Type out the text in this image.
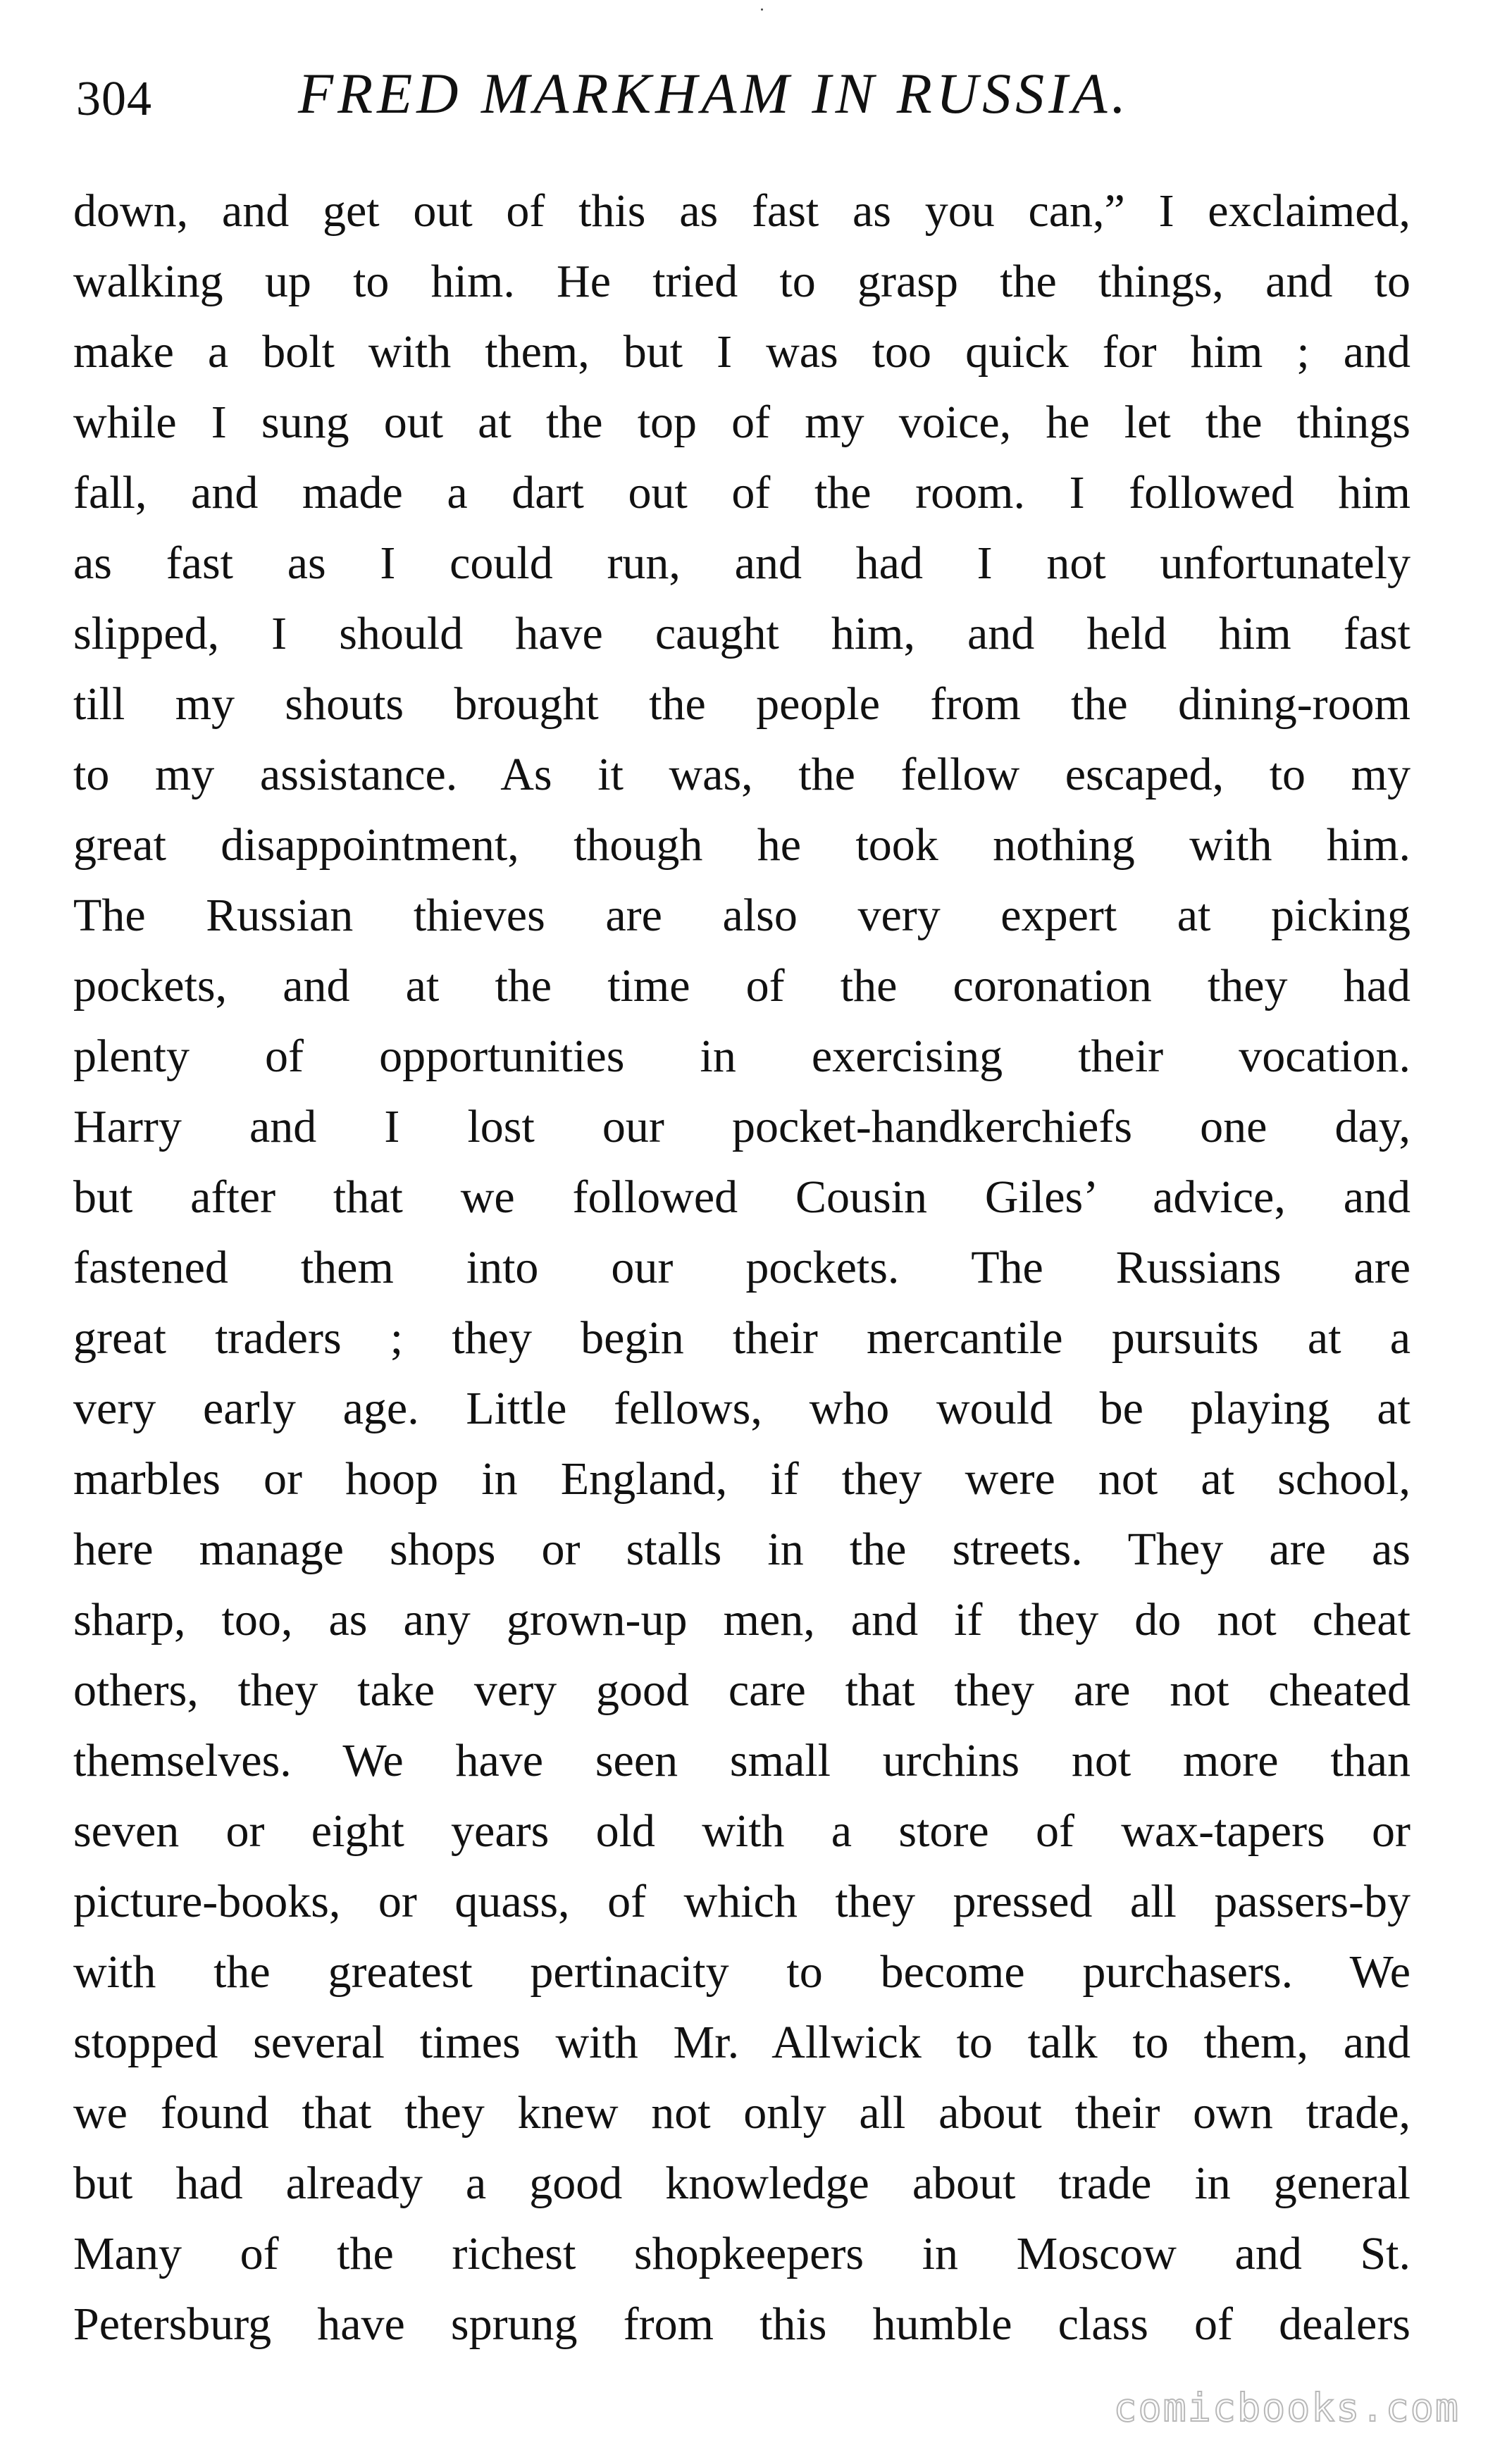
304	FRED MARKHAM IN RUSSIA.
down, and get out of this as fast as you can,” I exclaimed,
walking up to him. He tried to grasp the things, and to
make a bolt with them, but I was too quick for him ; and
while I sung out at the top of my voice, he let the things
fall, and made a dart out of the room. I followed him
as fast as I could run, and had I not unfortunately
slipped, I should have caught him, and held him fast
till my shouts brought the people from the dining-room
to my assistance. As it was, the fellow escaped, to my
great disappointment, though he took nothing with him.
The Russian thieves are also very expert at picking
pockets, and at the time of the coronation they had
plenty of opportunities in exercising their vocation.
Harry and I lost our pocket-handkerchiefs one day,
but after that we followed Cousin Giles’ advice, and
fastened them into our pockets. The Russians are
great traders ; they begin their mercantile pursuits at a
very early age. Little fellows, who would be playing at
marbles or hoop in England, if they were not at school,
here manage shops or stalls in the streets. They are as
sharp, too, as any grown-up men, and if they do not cheat
others, they take very good care that they are not cheated
themselves. We have seen small urchins not more than
seven or eight years old with a store of wax-tapers or
picture-books, or quass, of which they pressed all passers-by
with the greatest pertinacity to become purchasers. We
stopped several times with Mr. Allwick to talk to them, and
we found that they knew not only all about their own trade,
but had already a good knowledge about trade in general
Many of the richest shopkeepers in Moscow and St.
Petersburg have sprung from this humble class of dealers
comicbooks.com
